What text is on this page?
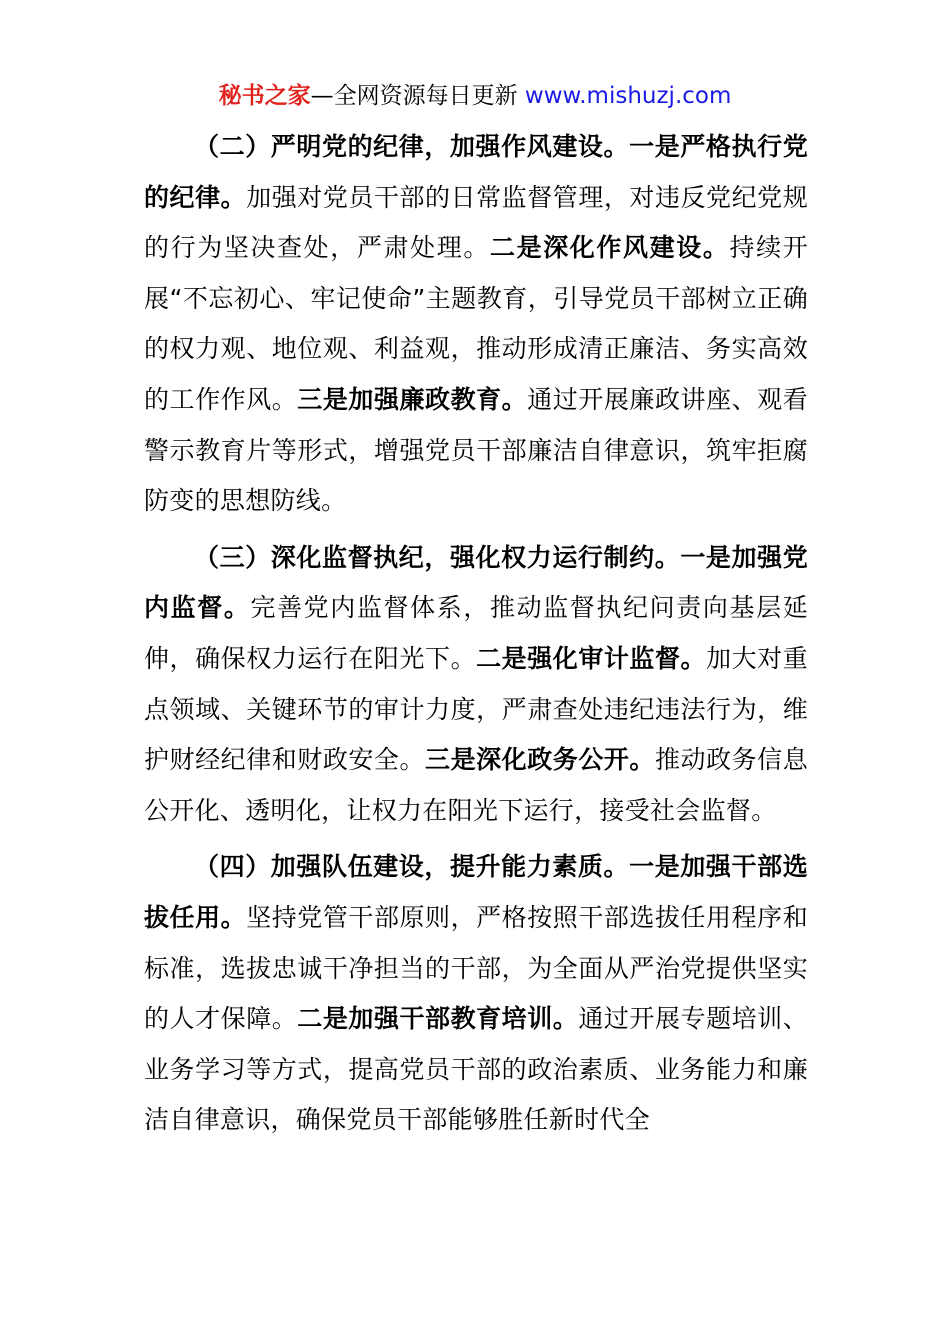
秘书之家—全网资源每日更新 www.mishuzj.com

（二）严明党的纪律，加强作风建设。一是严格执行党的纪律。加强对党员干部的日常监督管理，对违反党纪党规的行为坚决查处，严肃处理。二是深化作风建设。持续开展“不忘初心、牢记使命”主题教育，引导党员干部树立正确的权力观、地位观、利益观，推动形成清正廉洁、务实高效的工作作风。三是加强廉政教育。通过开展廉政讲座、观看警示教育片等形式，增强党员干部廉洁自律意识，筑牢拒腐防变的思想防线。

（三）深化监督执纪，强化权力运行制约。一是加强党内监督。完善党内监督体系，推动监督执纪问责向基层延伸，确保权力运行在阳光下。二是强化审计监督。加大对重点领域、关键环节的审计力度，严肃查处违纪违法行为，维护财经纪律和财政安全。三是深化政务公开。推动政务信息公开化、透明化，让权力在阳光下运行，接受社会监督。

（四）加强队伍建设，提升能力素质。一是加强干部选拔任用。坚持党管干部原则，严格按照干部选拔任用程序和标准，选拔忠诚干净担当的干部，为全面从严治党提供坚实的人才保障。二是加强干部教育培训。通过开展专题培训、业务学习等方式，提高党员干部的政治素质、业务能力和廉洁自律意识，确保党员干部能够胜任新时代全
